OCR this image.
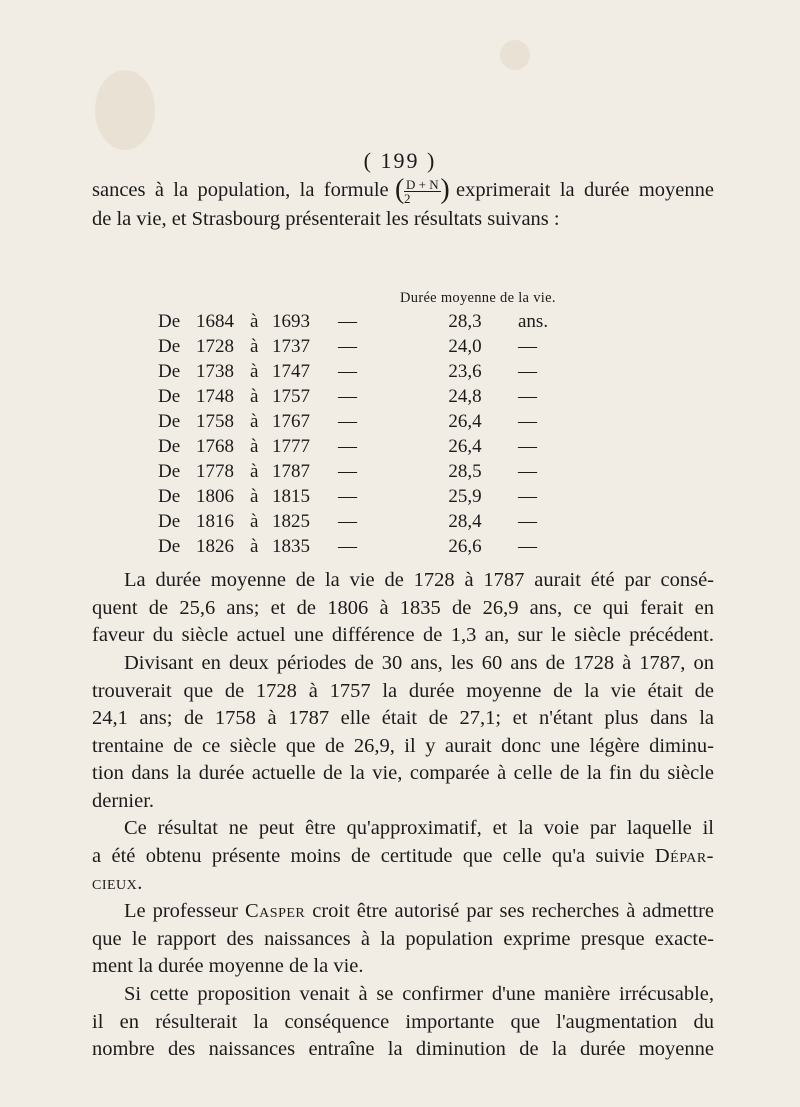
( 199 )
sances à la population, la formule
( $\frac{D + N}{2}$
) exprimerait la durée moyenne
de la vie, et Strasbourg présenterait les résultats suivans :
Durée moyenne de la vie.
De 1684 à 1693 —	28,3	ans.
De 1728 à 1737 —	24,0	—
De 1738 à 1747 —	23,6	—
De 1748 à 1757 —	24,8	—
De 1758 à 1767 —	26,4	—
De 1768 à 1777 —	26,4	—
De 1778 à 1787 —	28,5	—
De 1806 à 1815 —	25,9	—
De 1816 à 1825 —	28,4	—
De 1826 à 1835 —	26,6	—
La durée moyenne de la vie de 1728 à 1787 aurait été par consé-
quent de 25,6 ans; et de 1806 à 1835 de 26,9 ans, ce qui ferait en
faveur du siècle actuel une différence de 1,3 an, sur le siècle précédent.
Divisant en deux périodes de 30 ans, les 60 ans de 1728 à 1787, on
trouverait que de 1728 à 1757 la durée moyenne de la vie était de
24,1 ans; de 1758 à 1787 elle était de 27,1; et n'étant plus dans la
trentaine de ce siècle que de 26,9, il y aurait donc une légère diminu-
tion dans la durée actuelle de la vie, comparée à celle de la fin du siècle
dernier.
Ce résultat ne peut être qu'approximatif, et la voie par laquelle il
a été obtenu présente moins de certitude que celle qu'a suivie Dépar-
cieux.
Le professeur Casper croit être autorisé par ses recherches à admettre
que le rapport des naissances à la population exprime presque exacte-
ment la durée moyenne de la vie.
Si cette proposition venait à se confirmer d'une manière irrécusable,
il en résulterait la conséquence importante que l'augmentation du
nombre des naissances entraîne la diminution de la durée moyenne
